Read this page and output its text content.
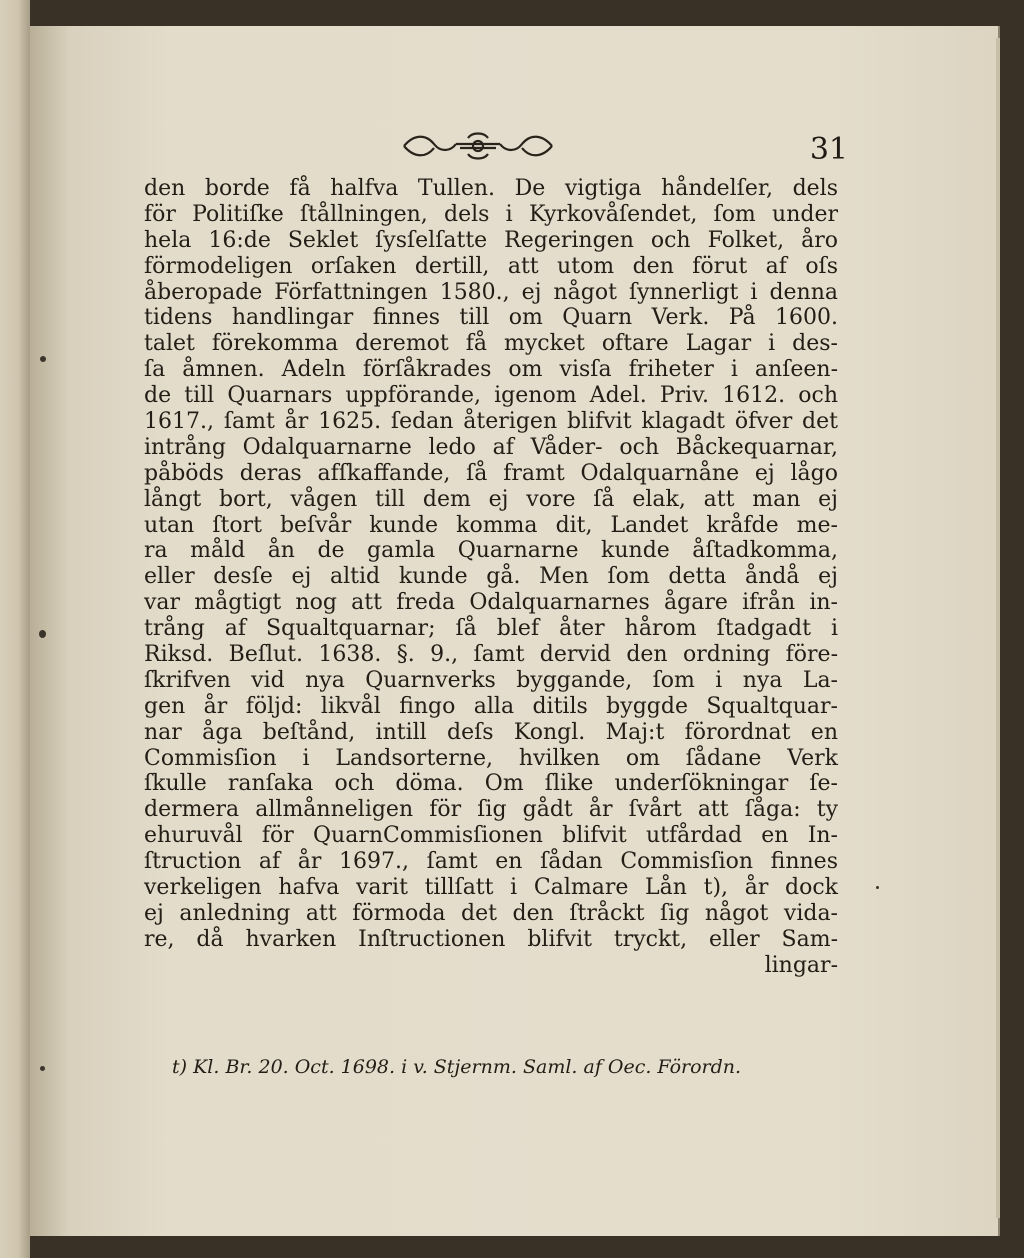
31
den borde få halfva Tullen. De vigtiga håndelſer, dels
för Politiſke ſtållningen, dels i Kyrkovåſendet, ſom under
hela 16:de Seklet ſysſelſatte Regeringen och Folket, åro
förmodeligen orſaken dertill, att utom den förut af oſs
åberopade Författningen 1580., ej något ſynnerligt i denna
tidens handlingar finnes till om Quarn Verk. På 1600.
talet förekomma deremot få mycket oftare Lagar i des-
ſa åmnen. Adeln förſåkrades om visſa friheter i anſeen-
de till Quarnars uppförande, igenom Adel. Priv. 1612. och
1617., ſamt år 1625. ſedan återigen blifvit klagadt öfver det
intrång Odalquarnarne ledo af Våder- och Båckequarnar,
påböds deras afſkaffande, ſå framt Odalquarnåne ej lågo
långt bort, vågen till dem ej vore ſå elak, att man ej
utan ſtort beſvår kunde komma dit, Landet kråfde me-
ra måld ån de gamla Quarnarne kunde åſtadkomma,
eller desſe ej altid kunde gå. Men ſom detta åndå ej
var mågtigt nog att freda Odalquarnarnes ågare ifrån in-
trång af Squaltquarnar; ſå blef åter hårom ſtadgadt i
Riksd. Beſlut. 1638. §. 9., ſamt dervid den ordning före-
ſkrifven vid nya Quarnverks byggande, ſom i nya La-
gen år följd: likvål fingo alla ditils byggde Squaltquar-
nar åga beſtånd, intill deſs Kongl. Maj:t förordnat en
Commisſion i Landsorterne, hvilken om ſådane Verk
ſkulle ranſaka och döma. Om ſlike underſökningar ſe-
dermera allmånneligen för ſig gådt år ſvårt att ſåga: ty
ehuruvål för QuarnCommisſionen blifvit utfårdad en In-
ſtruction af år 1697., ſamt en ſådan Commisſion finnes
verkeligen hafva varit tillſatt i Calmare Lån t), år dock
ej anledning att förmoda det den ſtråckt ſig något vida-
re, då hvarken Inſtructionen blifvit tryckt, eller Sam-
lingar-
t) Kl. Br. 20. Oct. 1698. i v. Stjernm. Saml. af Oec. Förordn.
